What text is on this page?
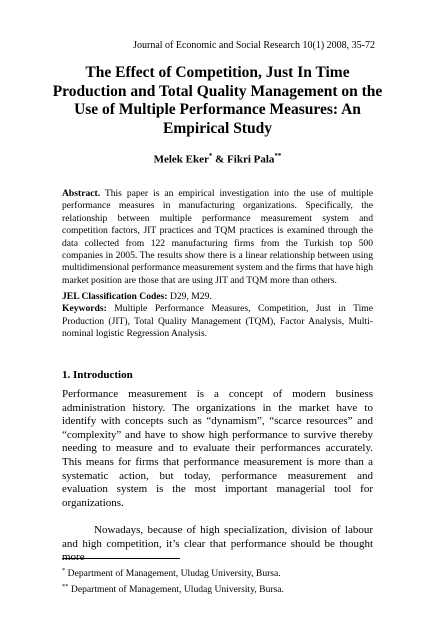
Journal of Economic and Social Research 10(1) 2008, 35-72
The Effect of Competition, Just In Time Production and Total Quality Management on the Use of Multiple Performance Measures: An Empirical Study
Melek Eker* & Fikri Pala**

Abstract. This paper is an empirical investigation into the use of multiple performance measures in manufacturing organizations. Specifically, the relationship between multiple performance measurement system and competition factors, JIT practices and TQM practices is examined through the data collected from 122 manufacturing firms from the Turkish top 500 companies in 2005. The results show there is a linear relationship between using multidimensional performance measurement system and the firms that have high market position are those that are using JIT and TQM more than others.

JEL Classification Codes: D29, M29.

Keywords: Multiple Performance Measures, Competition, Just in Time Production (JIT), Total Quality Management (TQM), Factor Analysis, Multi-nominal logistic Regression Analysis.

1. Introduction

Performance measurement is a concept of modern business administration history. The organizations in the market have to identify with concepts such as “dynamism”, “scarce resources” and “complexity” and have to show high performance to survive thereby needing to measure and to evaluate their performances accurately. This means for firms that performance measurement is more than a systematic action, but today, performance measurement and evaluation system is the most important managerial tool for organizations.

Nowadays, because of high specialization, division of labour and high competition, it’s clear that performance should be thought more

* Department of Management, Uludag University, Bursa.

** Department of Management, Uludag University, Bursa.
